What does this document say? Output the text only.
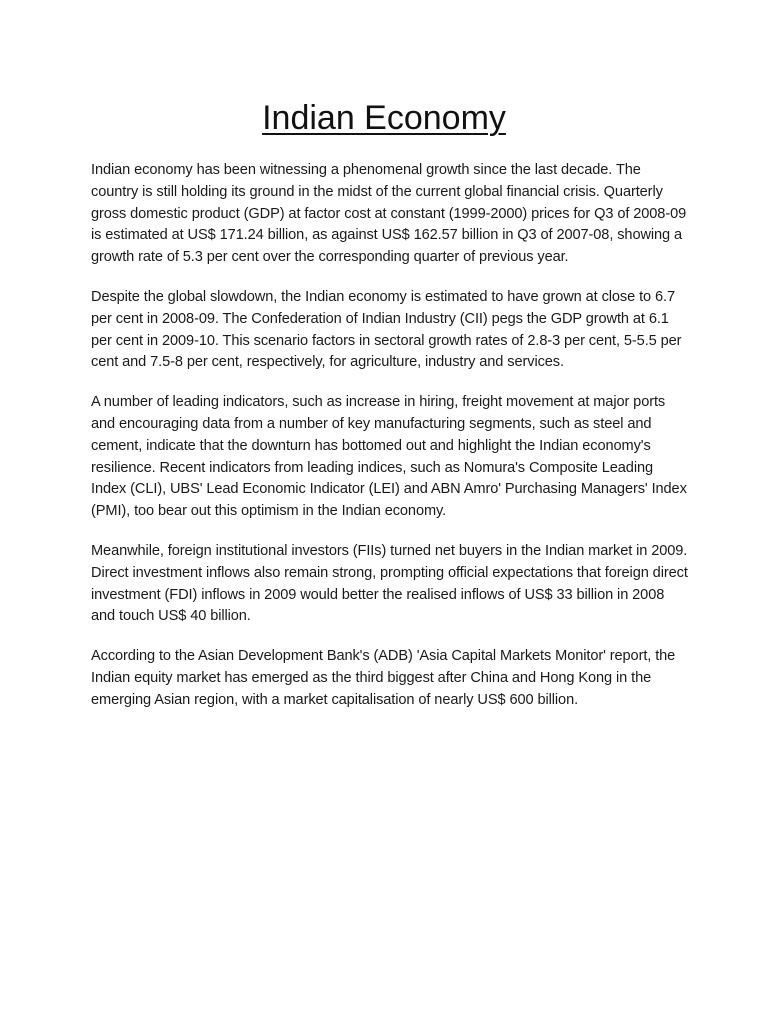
Indian Economy

Indian economy has been witnessing a phenomenal growth since the last decade. The country is still holding its ground in the midst of the current global financial crisis. Quarterly gross domestic product (GDP) at factor cost at constant (1999-2000) prices for Q3 of 2008-09 is estimated at US$ 171.24 billion, as against US$ 162.57 billion in Q3 of 2007-08, showing a growth rate of 5.3 per cent over the corresponding quarter of previous year.

Despite the global slowdown, the Indian economy is estimated to have grown at close to 6.7 per cent in 2008-09. The Confederation of Indian Industry (CII) pegs the GDP growth at 6.1 per cent in 2009-10. This scenario factors in sectoral growth rates of 2.8-3 per cent, 5-5.5 per cent and 7.5-8 per cent, respectively, for agriculture, industry and services.

A number of leading indicators, such as increase in hiring, freight movement at major ports and encouraging data from a number of key manufacturing segments, such as steel and cement, indicate that the downturn has bottomed out and highlight the Indian economy's resilience. Recent indicators from leading indices, such as Nomura's Composite Leading Index (CLI), UBS' Lead Economic Indicator (LEI) and ABN Amro' Purchasing Managers' Index (PMI), too bear out this optimism in the Indian economy.

Meanwhile, foreign institutional investors (FIIs) turned net buyers in the Indian market in 2009. Direct investment inflows also remain strong, prompting official expectations that foreign direct investment (FDI) inflows in 2009 would better the realised inflows of US$ 33 billion in 2008 and touch US$ 40 billion.

According to the Asian Development Bank's (ADB) 'Asia Capital Markets Monitor' report, the Indian equity market has emerged as the third biggest after China and Hong Kong in the emerging Asian region, with a market capitalisation of nearly US$ 600 billion.
